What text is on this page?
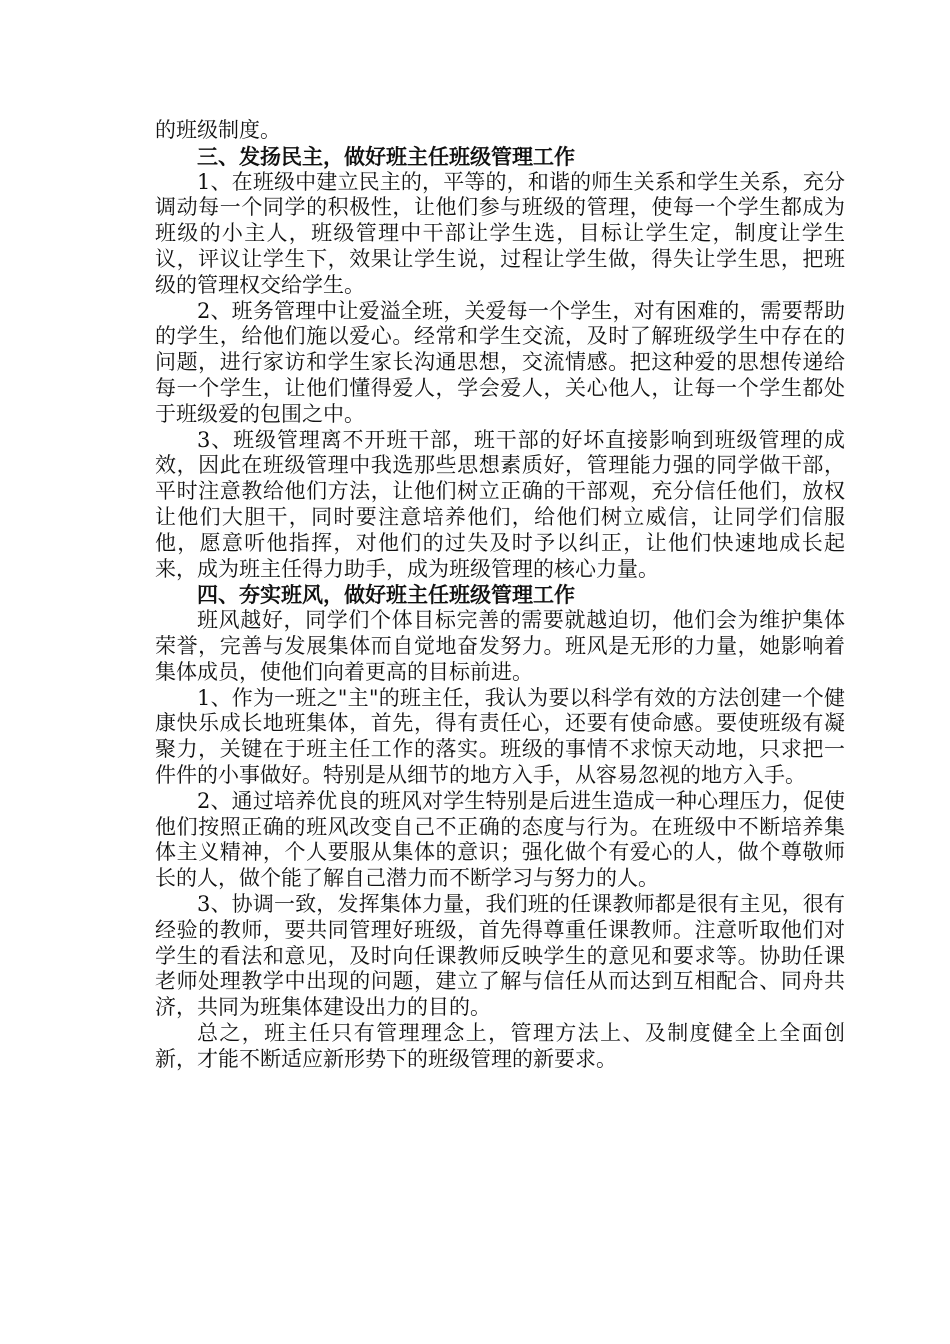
的班级制度。

三、发扬民主，做好班主任班级管理工作

1、在班级中建立民主的，平等的，和谐的师生关系和学生关系，充分调动每一个同学的积极性，让他们参与班级的管理，使每一个学生都成为班级的小主人，班级管理中干部让学生选，目标让学生定，制度让学生议，评议让学生下，效果让学生说，过程让学生做，得失让学生思，把班级的管理权交给学生。

2、班务管理中让爱溢全班，关爱每一个学生，对有困难的，需要帮助的学生，给他们施以爱心。经常和学生交流，及时了解班级学生中存在的问题，进行家访和学生家长沟通思想，交流情感。把这种爱的思想传递给每一个学生，让他们懂得爱人，学会爱人，关心他人，让每一个学生都处于班级爱的包围之中。

3、班级管理离不开班干部，班干部的好坏直接影响到班级管理的成效，因此在班级管理中我选那些思想素质好，管理能力强的同学做干部，平时注意教给他们方法，让他们树立正确的干部观，充分信任他们，放权让他们大胆干，同时要注意培养他们，给他们树立威信，让同学们信服他，愿意听他指挥，对他们的过失及时予以纠正，让他们快速地成长起来，成为班主任得力助手，成为班级管理的核心力量。

四、夯实班风，做好班主任班级管理工作

班风越好，同学们个体目标完善的需要就越迫切，他们会为维护集体荣誉，完善与发展集体而自觉地奋发努力。班风是无形的力量，她影响着集体成员，使他们向着更高的目标前进。

1、作为一班之"主"的班主任，我认为要以科学有效的方法创建一个健康快乐成长地班集体，首先，得有责任心，还要有使命感。要使班级有凝聚力，关键在于班主任工作的落实。班级的事情不求惊天动地，只求把一件件的小事做好。特别是从细节的地方入手，从容易忽视的地方入手。

2、通过培养优良的班风对学生特别是后进生造成一种心理压力，促使他们按照正确的班风改变自己不正确的态度与行为。在班级中不断培养集体主义精神，个人要服从集体的意识；强化做个有爱心的人，做个尊敬师长的人，做个能了解自己潜力而不断学习与努力的人。

3、协调一致，发挥集体力量，我们班的任课教师都是很有主见，很有经验的教师，要共同管理好班级，首先得尊重任课教师。注意听取他们对学生的看法和意见，及时向任课教师反映学生的意见和要求等。协助任课老师处理教学中出现的问题，建立了解与信任从而达到互相配合、同舟共济，共同为班集体建设出力的目的。

总之，班主任只有管理理念上，管理方法上、及制度健全上全面创新，才能不断适应新形势下的班级管理的新要求。
